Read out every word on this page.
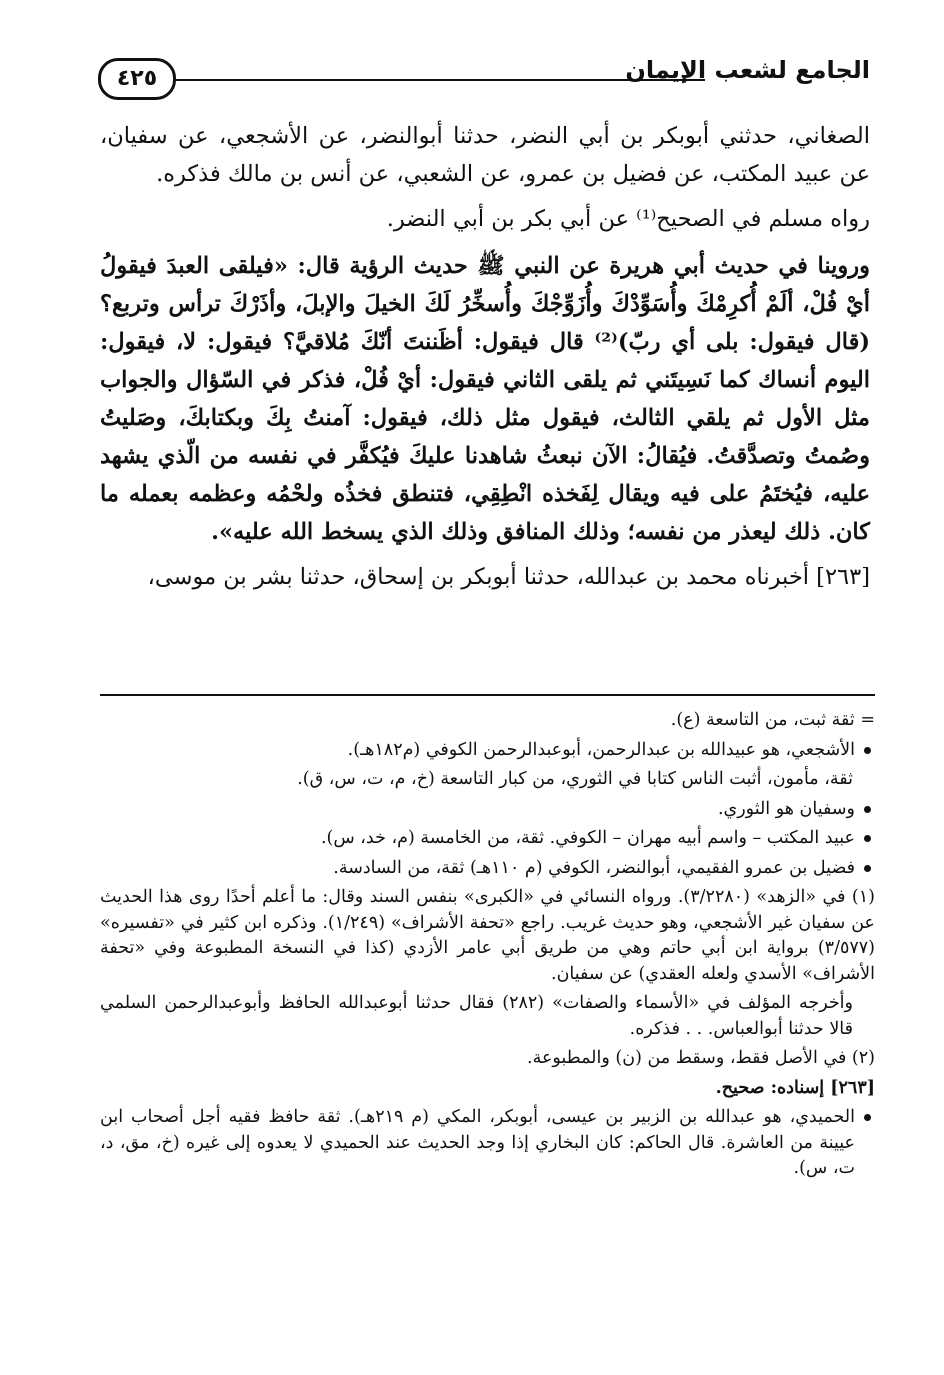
٤٢٥	الجامع لشعب الإيمان

الصغاني، حدثني أبوبكر بن أبي النضر، حدثنا أبوالنضر، عن الأشجعي، عن سفيان، عن عبيد المكتب، عن فضيل بن عمرو، عن الشعبي، عن أنس بن مالك فذكره.

رواه مسلم في الصحيح⁽¹⁾ عن أبي بكر بن أبي النضر.

وروينا في حديث أبي هريرة عن النبي ﷺ حديث الرؤية قال: «فيلقى العبدَ فيقولُ أيْ فُلْ، ألَمْ أُكرِمْكَ وأُسَوِّدْكَ وأُزَوِّجْكَ وأُسخِّرُ لَكَ الخيلَ والإبلَ، وأذَرْكَ ترأس وتربع؟ (قال فيقول: بلى أي ربّ)⁽²⁾ قال فيقول: أظَننتَ أنّكَ مُلاقيَّ؟ فيقول: لا، فيقول: اليوم أنساك كما نَسِيتَني ثم يلقى الثاني فيقول: أيْ فُلْ، فذكر في السّؤال والجواب مثل الأول ثم يلقي الثالث، فيقول مثل ذلك، فيقول: آمنتُ بِكَ وبكتابكَ، وصَليتُ وصُمتُ وتصدَّقتُ. فيُقالُ: الآن نبعثُ شاهدنا عليكَ فيُكفَّر في نفسه من الّذي يشهد عليه، فيُختَمُ على فيه ويقال لِفَخذه انْطِقِي، فتنطق فخذُه ولحْمُه وعظمه بعمله ما كان. ذلك ليعذر من نفسه؛ وذلك المنافق وذلك الذي يسخط الله عليه».

[٢٦٣] أخبرناه محمد بن عبدالله، حدثنا أبوبكر بن إسحاق، حدثنا بشر بن موسى،

= ثقة ثبت، من التاسعة (ع).

الأشجعي، هو عبيدالله بن عبدالرحمن، أبوعبدالرحمن الكوفي (م١٨٢هـ).

ثقة، مأمون، أثبت الناس كتابا في الثوري، من كبار التاسعة (خ، م، ت، س، ق).

وسفيان هو الثوري.

عبيد المكتب – واسم أبيه مهران – الكوفي. ثقة، من الخامسة (م، خد، س).

فضيل بن عمرو الفقيمي، أبوالنضر، الكوفي (م ١١٠هـ) ثقة، من السادسة.

(١) في «الزهد» (٣/٢٢٨٠). ورواه النسائي في «الكبرى» بنفس السند وقال: ما أعلم أحدًا روى هذا الحديث عن سفيان غير الأشجعي، وهو حديث غريب. راجع «تحفة الأشراف» (١/٢٤٩). وذكره ابن كثير في «تفسيره» (٣/٥٧٧) برواية ابن أبي حاتم وهي من طريق أبي عامر الأزدي (كذا في النسخة المطبوعة وفي «تحفة الأشراف» الأسدي ولعله العقدي) عن سفيان.

وأخرجه المؤلف في «الأسماء والصفات» (٢٨٢) فقال حدثنا أبوعبدالله الحافظ وأبوعبدالرحمن السلمي قالا حدثنا أبوالعباس. . . فذكره.

(٢) في الأصل فقط، وسقط من (ن) والمطبوعة.

[٢٦٣] إسناده: صحيح.

الحميدي، هو عبدالله بن الزبير بن عيسى، أبوبكر، المكي (م ٢١٩هـ). ثقة حافظ فقيه أجل أصحاب ابن عيينة من العاشرة. قال الحاكم: كان البخاري إذا وجد الحديث عند الحميدي لا يعدوه إلى غيره (خ، مق، د، ت، س).
